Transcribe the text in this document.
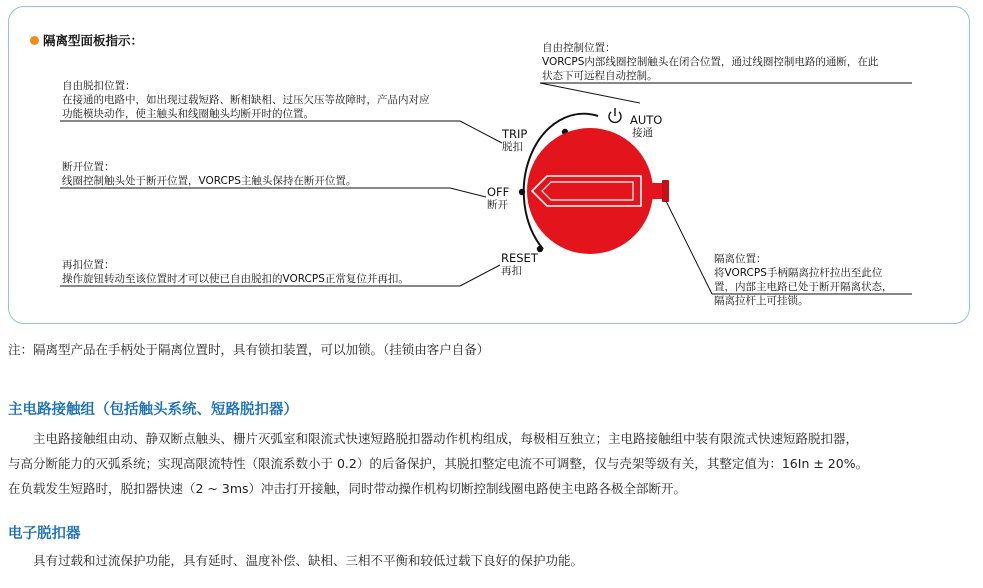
隔离型面板指示：	自由控制位置：
VORCPS内部线圈控制触头在闭合位置，通过线圈控制电路的通断，在此
状态下可远程自动控制。
自由脱扣位置：
在接通的电路中，如出现过载短路、断相缺相、过压欠压等故障时，产品内对应
功能模块动作，使主触头和线圈触头均断开时的位置。
断开位置：
线圈控制触头处于断开位置，VORCPS主触头保持在断开位置。
再扣位置：
操作旋钮转动至该位置时才可以使已自由脱扣的VORCPS正常复位并再扣。
隔离位置：
将VORCPS手柄隔离拉杆拉出至此位
置，内部主电路已处于断开隔离状态，
隔离拉杆上可挂锁。
AUTO
接通
TRIP
脱扣
OFF
断开
RESET
再扣
注：隔离型产品在手柄处于隔离位置时，具有锁扣装置，可以加锁。（挂锁由客户自备）
主电路接触组（包括触头系统、短路脱扣器）
　　主电路接触组由动、静双断点触头、栅片灭弧室和限流式快速短路脱扣器动作机构组成，每极相互独立；主电路接触组中装有限流式快速短路脱扣器，
与高分断能力的灭弧系统；实现高限流特性（限流系数小于 0.2）的后备保护，其脱扣整定电流不可调整，仅与壳架等级有关，其整定值为：16In ± 20%。
在负载发生短路时，脱扣器快速（2 ~ 3ms）冲击打开接触，同时带动操作机构切断控制线圈电路使主电路各极全部断开。
电子脱扣器
　　具有过载和过流保护功能，具有延时、温度补偿、缺相、三相不平衡和较低过载下良好的保护功能。
